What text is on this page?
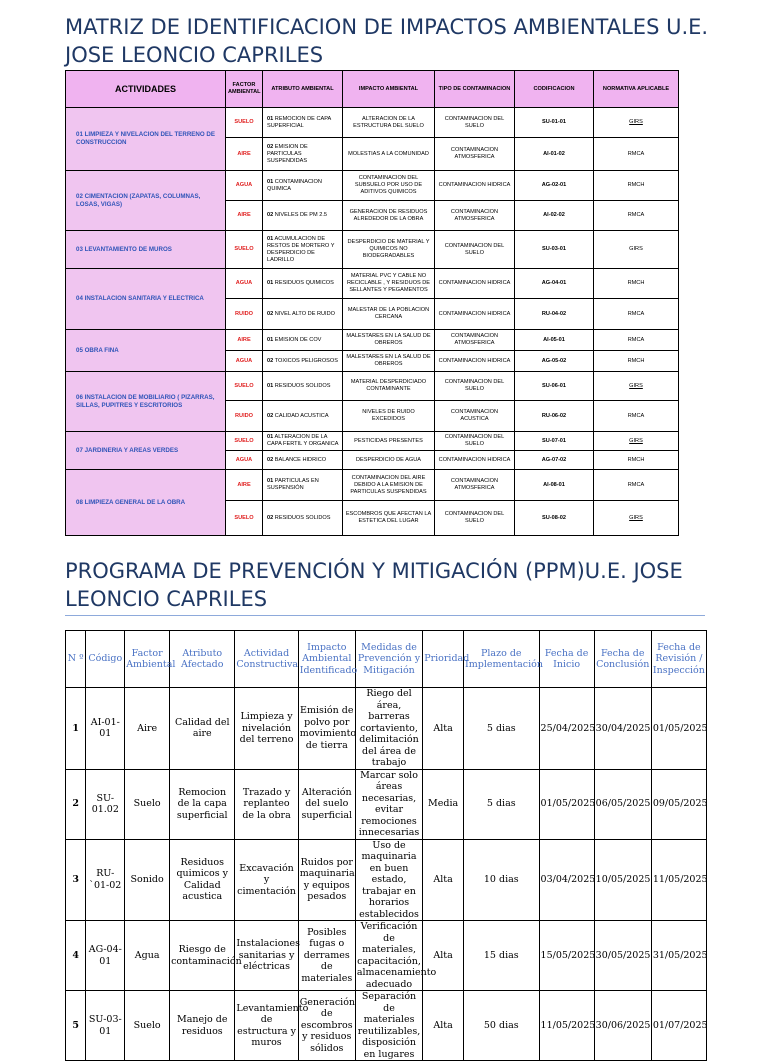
MATRIZ DE IDENTIFICACION DE IMPACTOS AMBIENTALES U.E. JOSE LEONCIO CAPRILES
ACTIVIDADES	FACTOR AMBIENTAL	ATRIBUTO AMBIENTAL	IMPACTO AMBIENTAL	TIPO DE CONTAMINACION	CODIFICACION	NORMATIVA APLICABLE
01 LIMPIEZA Y NIVELACION DEL TERRENO DE CONSTRUCCION	SUELO	01 REMOCION DE CAPA SUPERFICIAL	ALTERACION DE LA ESTRUCTURA DEL SUELO	CONTAMINACION DEL SUELO	SU-01-01	GIRS
	AIRE	02 EMISION DE PARTICULAS SUSPENDIDAS	MOLESTIAS A LA COMUNIDAD	CONTAMINACION ATMOSFERICA	AI-01-02	RMCA
02 CIMENTACION (ZAPATAS, COLUMNAS, LOSAS, VIGAS)	AGUA	01 CONTAMINACION QUIMICA	CONTAMINACION DEL SUBSUELO POR USO DE ADITIVOS QUIMICOS	CONTAMINACION HIDRICA	AG-02-01	RMCH
	AIRE	02 NIVELES DE PM 2.5	GENERACION DE RESIDUOS ALREDEDOR DE LA OBRA	CONTAMINACION ATMOSFERICA	AI-02-02	RMCA
03 LEVANTAMIENTO DE MUROS	SUELO	01 ACUMULACION DE RESTOS DE MORTERO Y DESPERDICIO DE LADRILLO	DESPERDICIO DE MATERIAL Y QUIMICOS NO BIODEGRADABLES	CONTAMINACION DEL SUELO	SU-03-01	GIRS
04 INSTALACION SANITARIA Y ELECTRICA	AGUA	01 RESIDUOS QUIMICOS	MATERIAL PVC Y CABLE NO RECICLABLE , Y RESIDUOS DE SELLANTES Y PEGAMENTOS	CONTAMINACION HIDRICA	AG-04-01	RMCH
	RUIDO	02 NIVEL ALTO DE RUIDO	MALESTAR DE LA POBLACION CERCANA	CONTAMINACION HIDRICA	RU-04-02	RMCA
05 OBRA FINA	AIRE	01 EMISION DE COV	MALESTARES EN LA SALUD DE OBREROS	CONTAMINACION ATMOSFERICA	AI-05-01	RMCA
	AGUA	02 TOXICOS PELIGROSOS	MALESTARES EN LA SALUD DE OBREROS	CONTAMINACION HIDRICA	AG-05-02	RMCH
06 INSTALACION DE MOBILIARIO ( PIZARRAS, SILLAS, PUPITRES Y ESCRITORIOS	SUELO	01 RESIDUOS SOLIDOS	MATERIAL DESPERDICIADO CONTAMINANTE	CONTAMINACION DEL SUELO	SU-06-01	GIRS
	RUIDO	02 CALIDAD ACUSTICA	NIVELES DE RUIDO EXCEDIDOS	CONTAMINACION ACUSTICA	RU-06-02	RMCA
07 JARDINERIA Y AREAS VERDES	SUELO	01 ALTERACION DE LA CAPA FERTIL Y ORGANICA	PESTICIDAS PRESENTES	CONTAMINACION DEL SUELO	SU-07-01	GIRS
	AGUA	02 BALANCE HIDRICO	DESPERDICIO DE AGUA	CONTAMINACION HIDRICA	AG-07-02	RMCH
08 LIMPIEZA GENERAL DE LA OBRA	AIRE	01 PARTICULAS EN SUSPENSIÓN	CONTAMINACION DEL AIRE DEBIDO A LA EMISION DE PARTICULAS SUSPENDIDAS	CONTAMINACION ATMOSFERICA	AI-08-01	RMCA
	SUELO	02 RESIDUOS SOLIDOS	ESCOMBROS QUE AFECTAN LA ESTETICA DEL LUGAR	CONTAMINACION DEL SUELO	SU-08-02	GIRS
PROGRAMA DE PREVENCIÓN Y MITIGACIÓN (PPM)U.E. JOSE LEONCIO CAPRILES
N º	Código	Factor Ambiental	Atributo Afectado	Actividad Constructiva	Impacto Ambiental Identificado	Medidas de Prevención y Mitigación	Prioridad	Plazo de Implementación	Fecha de Inicio	Fecha de Conclusión	Fecha de Revisión / Inspección
1	AI-01-01	Aire	Calidad del aire	Limpieza y nivelación del terreno	Emisión de polvo por movimiento de tierra	Riego del área, barreras cortaviento, delimitación del área de trabajo	Alta	5 dias	25/04/2025	30/04/2025	01/05/2025
2	SU-01.02	Suelo	Remocion de la capa superficial	Trazado y replanteo de la obra	Alteración del suelo superficial	Marcar solo áreas necesarias, evitar remociones innecesarias	Media	5 dias	01/05/2025	06/05/2025	09/05/2025
3	RU-`01-02	Sonido	Residuos quimicos y Calidad acustica	Excavación y cimentación	Ruidos por maquinaria y equipos pesados	Uso de maquinaria en buen estado, trabajar en horarios establecidos	Alta	10 dias	03/04/2025	10/05/2025	11/05/2025
4	AG-04-01	Agua	Riesgo de contaminación	Instalaciones sanitarias y eléctricas	Posibles fugas o derrames de materiales	Verificación de materiales, capacitación, almacenamiento adecuado	Alta	15 dias	15/05/2025	30/05/2025	31/05/2025
5	SU-03-01	Suelo	Manejo de residuos	Levantamiento de estructura y muros	Generación de escombros y residuos sólidos	Separación de materiales reutilizables, disposición en lugares	Alta	50 dias	11/05/2025	30/06/2025	01/07/2025
